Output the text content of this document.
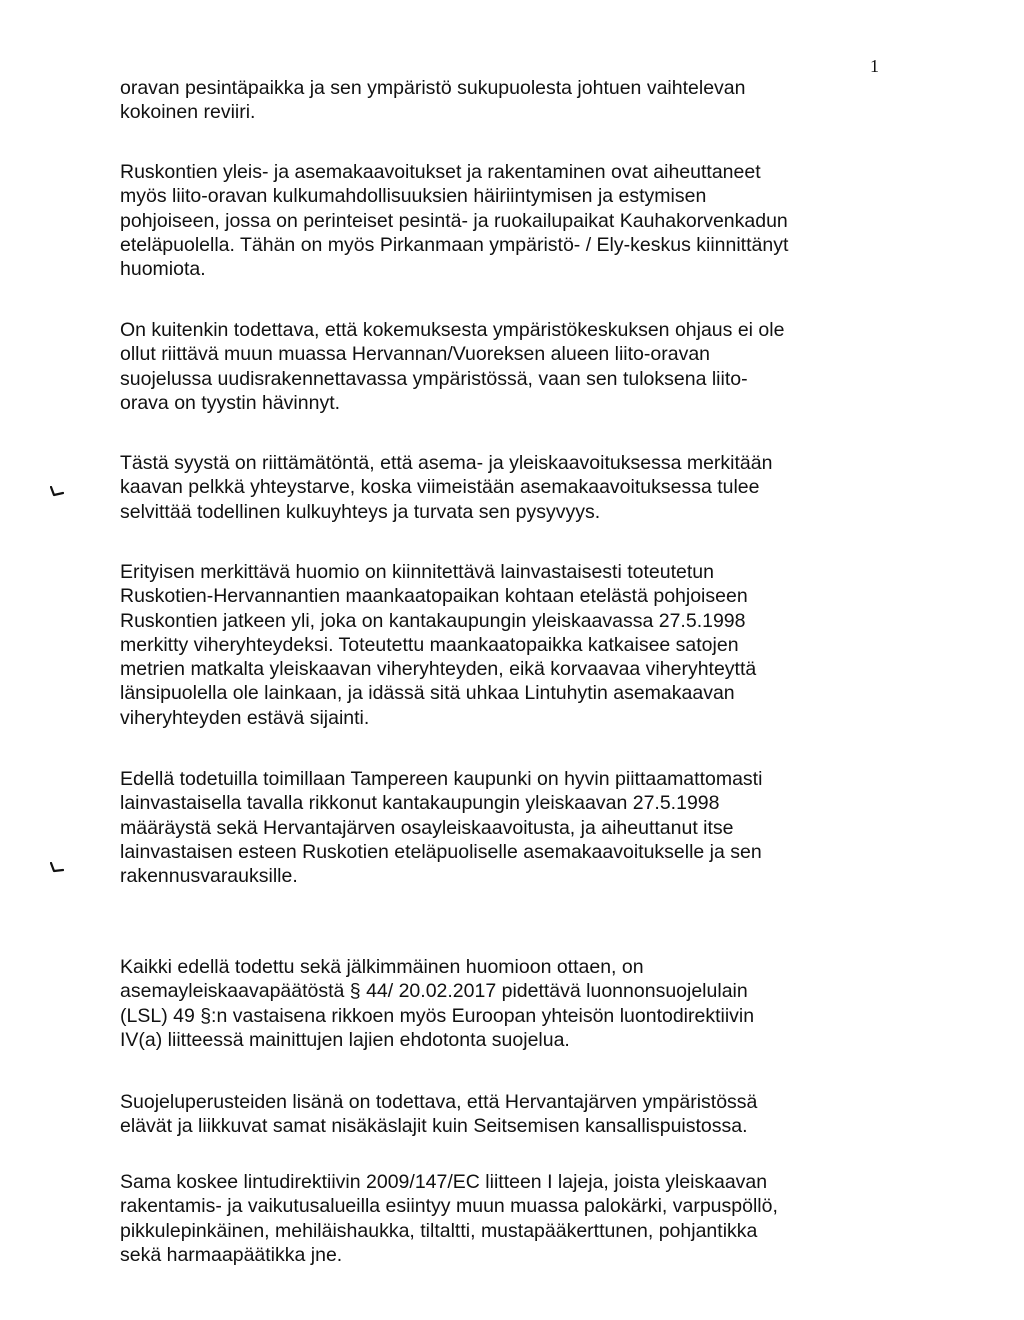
1

oravan pesintäpaikka ja sen ympäristö sukupuolesta johtuen vaihtelevan
kokoinen reviiri.

Ruskontien yleis- ja asemakaavoitukset ja rakentaminen ovat aiheuttaneet
myös liito-oravan kulkumahdollisuuksien häiriintymisen ja estymisen
pohjoiseen, jossa on perinteiset pesintä- ja ruokailupaikat Kauhakorvenkadun
eteläpuolella. Tähän on myös Pirkanmaan ympäristö- / Ely-keskus kiinnittänyt
huomiota.

On kuitenkin todettava, että kokemuksesta ympäristökeskuksen ohjaus ei ole
ollut riittävä muun muassa Hervannan/Vuoreksen alueen liito-oravan
suojelussa uudisrakennettavassa ympäristössä, vaan sen tuloksena liito-
orava on tyystin hävinnyt.

Tästä syystä on riittämätöntä, että asema- ja yleiskaavoituksessa merkitään
kaavan pelkkä yhteystarve, koska viimeistään asemakaavoituksessa tulee
selvittää todellinen kulkuyhteys ja turvata sen pysyvyys.

Erityisen merkittävä huomio on kiinnitettävä lainvastaisesti toteutetun
Ruskotien-Hervannantien maankaatopaikan kohtaan etelästä pohjoiseen
Ruskontien jatkeen yli, joka on kantakaupungin yleiskaavassa 27.5.1998
merkitty viheryhteydeksi. Toteutettu maankaatopaikka katkaisee satojen
metrien matkalta yleiskaavan viheryhteyden, eikä korvaavaa viheryhteyttä
länsipuolella ole lainkaan, ja idässä sitä uhkaa Lintuhytin asemakaavan
viheryhteyden estävä sijainti.

Edellä todetuilla toimillaan Tampereen kaupunki on hyvin piittaamattomasti
lainvastaisella tavalla rikkonut kantakaupungin yleiskaavan 27.5.1998
määräystä sekä Hervantajärven osayleiskaavoitusta, ja aiheuttanut itse
lainvastaisen esteen Ruskotien eteläpuoliselle asemakaavoitukselle ja sen
rakennusvarauksille.

Kaikki edellä todettu sekä jälkimmäinen huomioon ottaen, on
asemayleiskaavapäätöstä § 44/ 20.02.2017 pidettävä luonnonsuojelulain
(LSL) 49 §:n vastaisena rikkoen myös Euroopan yhteisön luontodirektiivin
IV(a) liitteessä mainittujen lajien ehdotonta suojelua.

Suojeluperusteiden lisänä on todettava, että Hervantajärven ympäristössä
elävät ja liikkuvat samat nisäkäslajit kuin Seitsemisen kansallispuistossa.

Sama koskee lintudirektiivin 2009/147/EC liitteen I lajeja, joista yleiskaavan
rakentamis- ja vaikutusalueilla esiintyy muun muassa palokärki, varpuspöllö,
pikkulepinkäinen, mehiläishaukka, tiltaltti, mustapääkerttunen, pohjantikka
sekä harmaapäätikka jne.
